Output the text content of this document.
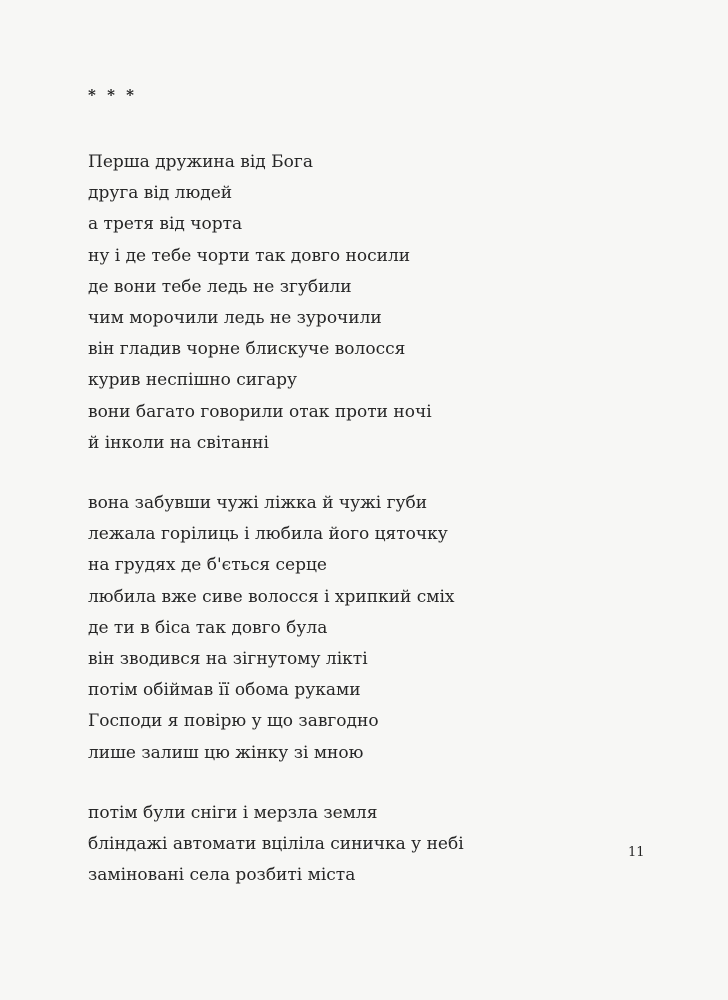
* * *
Перша дружина від Бога
друга від людей
а третя від чорта
ну і де тебе чорти так довго носили
де вони тебе ледь не згубили
чим морочили ледь не зурочили
він гладив чорне блискуче волосся
курив неспішно сигару
вони багато говорили отак проти ночі
й інколи на світанні
вона забувши чужі ліжка й чужі губи
лежала горілиць і любила його цяточку
на грудях де б'ється серце
любила вже сиве волосся і хрипкий сміх
де ти в біса так довго була
він зводився на зігнутому лікті
потім обіймав її обома руками
Господи я повірю у що завгодно
лише залиш цю жінку зі мною
потім були сніги і мерзла земля
бліндажі автомати вцілiла синичка у небі
заміновані села розбиті міста
11
